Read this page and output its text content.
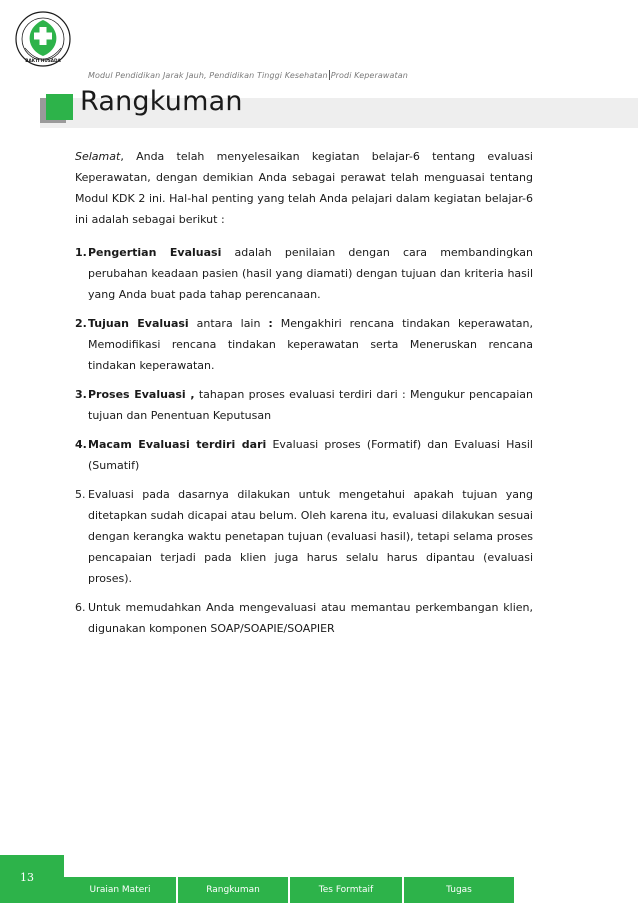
BAKTI HUSADA
Modul Pendidikan Jarak Jauh, Pendidikan Tinggi Kesehatan Prodi Keperawatan
Rangkuman

Selamat, Anda telah menyelesaikan kegiatan belajar-6 tentang evaluasi Keperawatan, dengan demikian Anda sebagai perawat telah menguasai tentang Modul KDK 2 ini. Hal-hal penting yang telah Anda pelajari dalam kegiatan belajar-6 ini adalah sebagai berikut :

1. Pengertian Evaluasi adalah penilaian dengan cara membandingkan perubahan keadaan pasien (hasil yang diamati) dengan tujuan dan kriteria hasil yang Anda buat pada tahap perencanaan.
2. Tujuan Evaluasi antara lain : Mengakhiri rencana tindakan keperawatan, Memodifikasi rencana tindakan keperawatan serta Meneruskan rencana tindakan keperawatan.
3. Proses Evaluasi , tahapan proses evaluasi terdiri dari : Mengukur pencapaian tujuan dan Penentuan Keputusan
4. Macam Evaluasi terdiri dari Evaluasi proses (Formatif) dan Evaluasi Hasil (Sumatif)
5. Evaluasi pada dasarnya dilakukan untuk mengetahui apakah tujuan yang ditetapkan sudah dicapai atau belum. Oleh karena itu, evaluasi dilakukan sesuai dengan kerangka waktu penetapan tujuan (evaluasi hasil), tetapi selama proses pencapaian terjadi pada klien juga harus selalu harus dipantau (evaluasi proses).
6. Untuk memudahkan Anda mengevaluasi atau memantau perkembangan klien, digunakan komponen SOAP/SOAPIE/SOAPIER
13
Uraian Materi	Rangkuman	Tes Formtaif	Tugas
